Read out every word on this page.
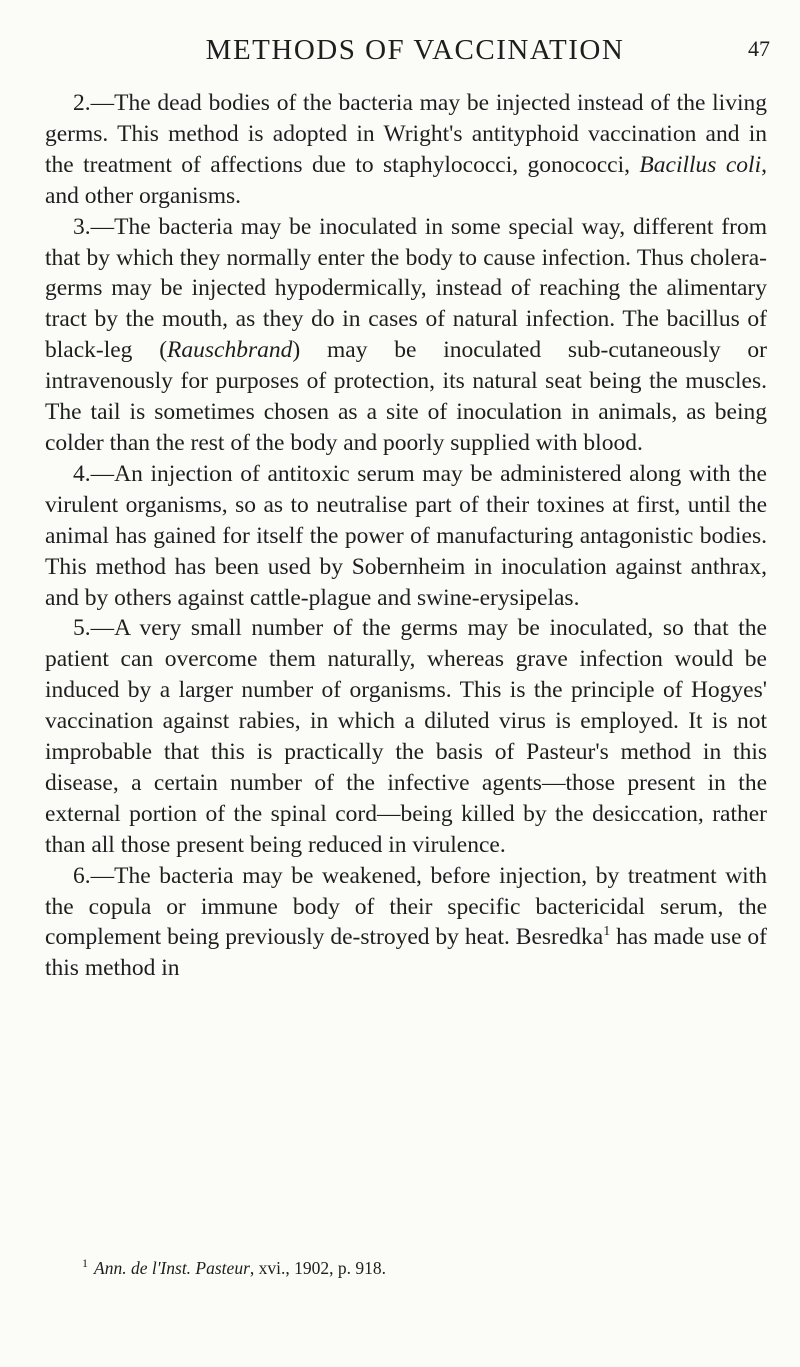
METHODS OF VACCINATION	47

2.—The dead bodies of the bacteria may be injected instead of the living germs. This method is adopted in Wright's antityphoid vaccination and in the treatment of affections due to staphylococci, gonococci, Bacillus coli, and other organisms.

3.—The bacteria may be inoculated in some special way, different from that by which they normally enter the body to cause infection. Thus cholera-germs may be injected hypodermically, instead of reaching the alimentary tract by the mouth, as they do in cases of natural infection. The bacillus of black-leg (Rauschbrand) may be inoculated sub-cutaneously or intravenously for purposes of protection, its natural seat being the muscles. The tail is sometimes chosen as a site of inoculation in animals, as being colder than the rest of the body and poorly supplied with blood.

4.—An injection of antitoxic serum may be administered along with the virulent organisms, so as to neutralise part of their toxines at first, until the animal has gained for itself the power of manufacturing antagonistic bodies. This method has been used by Sobernheim in inoculation against anthrax, and by others against cattle-plague and swine-erysipelas.

5.—A very small number of the germs may be inoculated, so that the patient can overcome them naturally, whereas grave infection would be induced by a larger number of organisms. This is the principle of Hogyes' vaccination against rabies, in which a diluted virus is employed. It is not improbable that this is practically the basis of Pasteur's method in this disease, a certain number of the infective agents—those present in the external portion of the spinal cord—being killed by the desiccation, rather than all those present being reduced in virulence.

6.—The bacteria may be weakened, before injection, by treatment with the copula or immune body of their specific bactericidal serum, the complement being previously de-stroyed by heat. Besredka$^1$ has made use of this method in

$^1$ Ann. de l'Inst. Pasteur, xvi., 1902, p. 918.
